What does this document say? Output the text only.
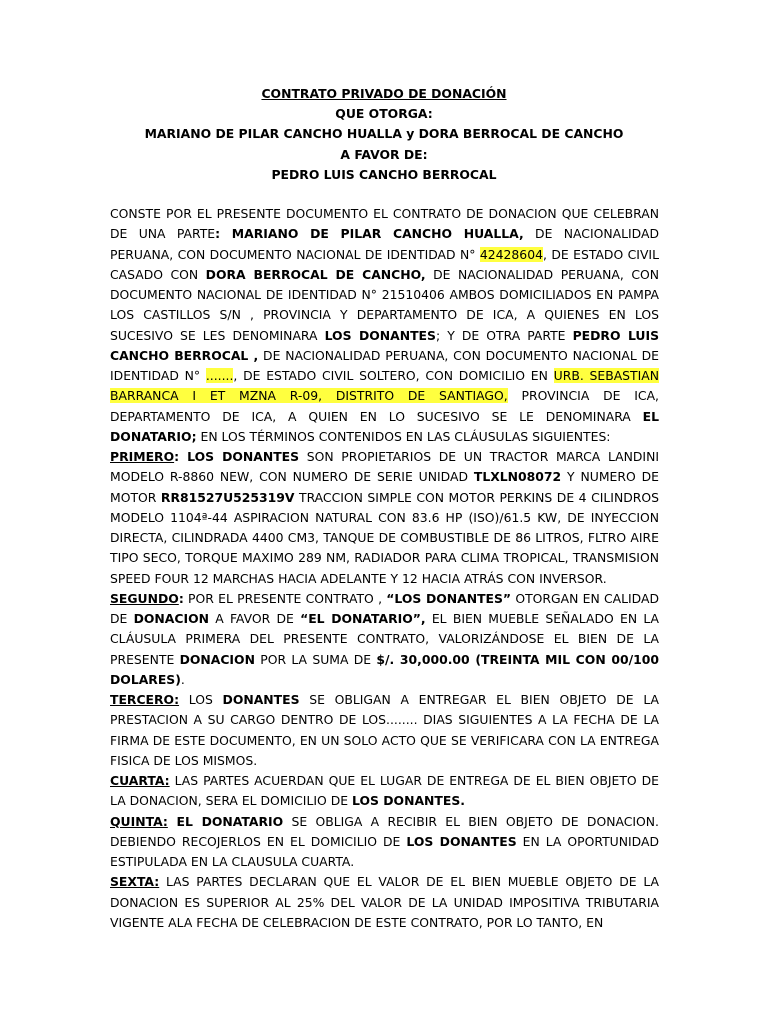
CONTRATO PRIVADO DE DONACIÓN
QUE OTORGA:
MARIANO DE PILAR CANCHO HUALLA y DORA BERROCAL DE CANCHO
A FAVOR DE:
PEDRO LUIS CANCHO BERROCAL

CONSTE POR EL PRESENTE DOCUMENTO EL CONTRATO DE DONACION QUE CELEBRAN DE UNA PARTE: MARIANO DE PILAR CANCHO HUALLA, DE NACIONALIDAD PERUANA, CON DOCUMENTO NACIONAL DE IDENTIDAD N° 42428604, DE ESTADO CIVIL CASADO CON DORA BERROCAL DE CANCHO, DE NACIONALIDAD PERUANA, CON DOCUMENTO NACIONAL DE IDENTIDAD N° 21510406 AMBOS DOMICILIADOS EN PAMPA LOS CASTILLOS S/N , PROVINCIA Y DEPARTAMENTO DE ICA, A QUIENES EN LOS SUCESIVO SE LES DENOMINARA LOS DONANTES; Y DE OTRA PARTE PEDRO LUIS CANCHO BERROCAL , DE NACIONALIDAD PERUANA, CON DOCUMENTO NACIONAL DE IDENTIDAD N° ......., DE ESTADO CIVIL SOLTERO, CON DOMICILIO EN URB. SEBASTIAN BARRANCA I ET MZNA R-09, DISTRITO DE SANTIAGO, PROVINCIA DE ICA, DEPARTAMENTO DE ICA, A QUIEN EN LO SUCESIVO SE LE DENOMINARA EL DONATARIO; EN LOS TÉRMINOS CONTENIDOS EN LAS CLÁUSULAS SIGUIENTES:

PRIMERO: LOS DONANTES SON PROPIETARIOS DE UN TRACTOR MARCA LANDINI MODELO R-8860 NEW, CON NUMERO DE SERIE UNIDAD TLXLN08072 Y NUMERO DE MOTOR RR81527U525319V TRACCION SIMPLE CON MOTOR PERKINS DE 4 CILINDROS MODELO 1104ª-44 ASPIRACION NATURAL CON 83.6 HP (ISO)/61.5 KW, DE INYECCION DIRECTA, CILINDRADA 4400 CM3, TANQUE DE COMBUSTIBLE DE 86 LITROS, FLTRO AIRE TIPO SECO, TORQUE MAXIMO 289 NM, RADIADOR PARA CLIMA TROPICAL, TRANSMISION SPEED FOUR 12 MARCHAS HACIA ADELANTE Y 12 HACIA ATRÁS CON INVERSOR.

SEGUNDO: POR EL PRESENTE CONTRATO , “LOS DONANTES” OTORGAN EN CALIDAD DE DONACION A FAVOR DE “EL DONATARIO”, EL BIEN MUEBLE SEÑALADO EN LA CLÁUSULA PRIMERA DEL PRESENTE CONTRATO, VALORIZÁNDOSE EL BIEN DE LA PRESENTE DONACION POR LA SUMA DE $/. 30,000.00 (TREINTA MIL CON 00/100 DOLARES).

TERCERO: LOS DONANTES SE OBLIGAN A ENTREGAR EL BIEN OBJETO DE LA PRESTACION A SU CARGO DENTRO DE LOS........ DIAS SIGUIENTES A LA FECHA DE LA FIRMA DE ESTE DOCUMENTO, EN UN SOLO ACTO QUE SE VERIFICARA CON LA ENTREGA FISICA DE LOS MISMOS.

CUARTA: LAS PARTES ACUERDAN QUE EL LUGAR DE ENTREGA DE EL BIEN OBJETO DE LA DONACION, SERA EL DOMICILIO DE LOS DONANTES.

QUINTA: EL DONATARIO SE OBLIGA A RECIBIR EL BIEN OBJETO DE DONACION. DEBIENDO RECOJERLOS EN EL DOMICILIO DE LOS DONANTES EN LA OPORTUNIDAD ESTIPULADA EN LA CLAUSULA CUARTA.

SEXTA: LAS PARTES DECLARAN QUE EL VALOR DE EL BIEN MUEBLE OBJETO DE LA DONACION ES SUPERIOR AL 25% DEL VALOR DE LA UNIDAD IMPOSITIVA TRIBUTARIA VIGENTE ALA FECHA DE CELEBRACION DE ESTE CONTRATO, POR LO TANTO, EN
